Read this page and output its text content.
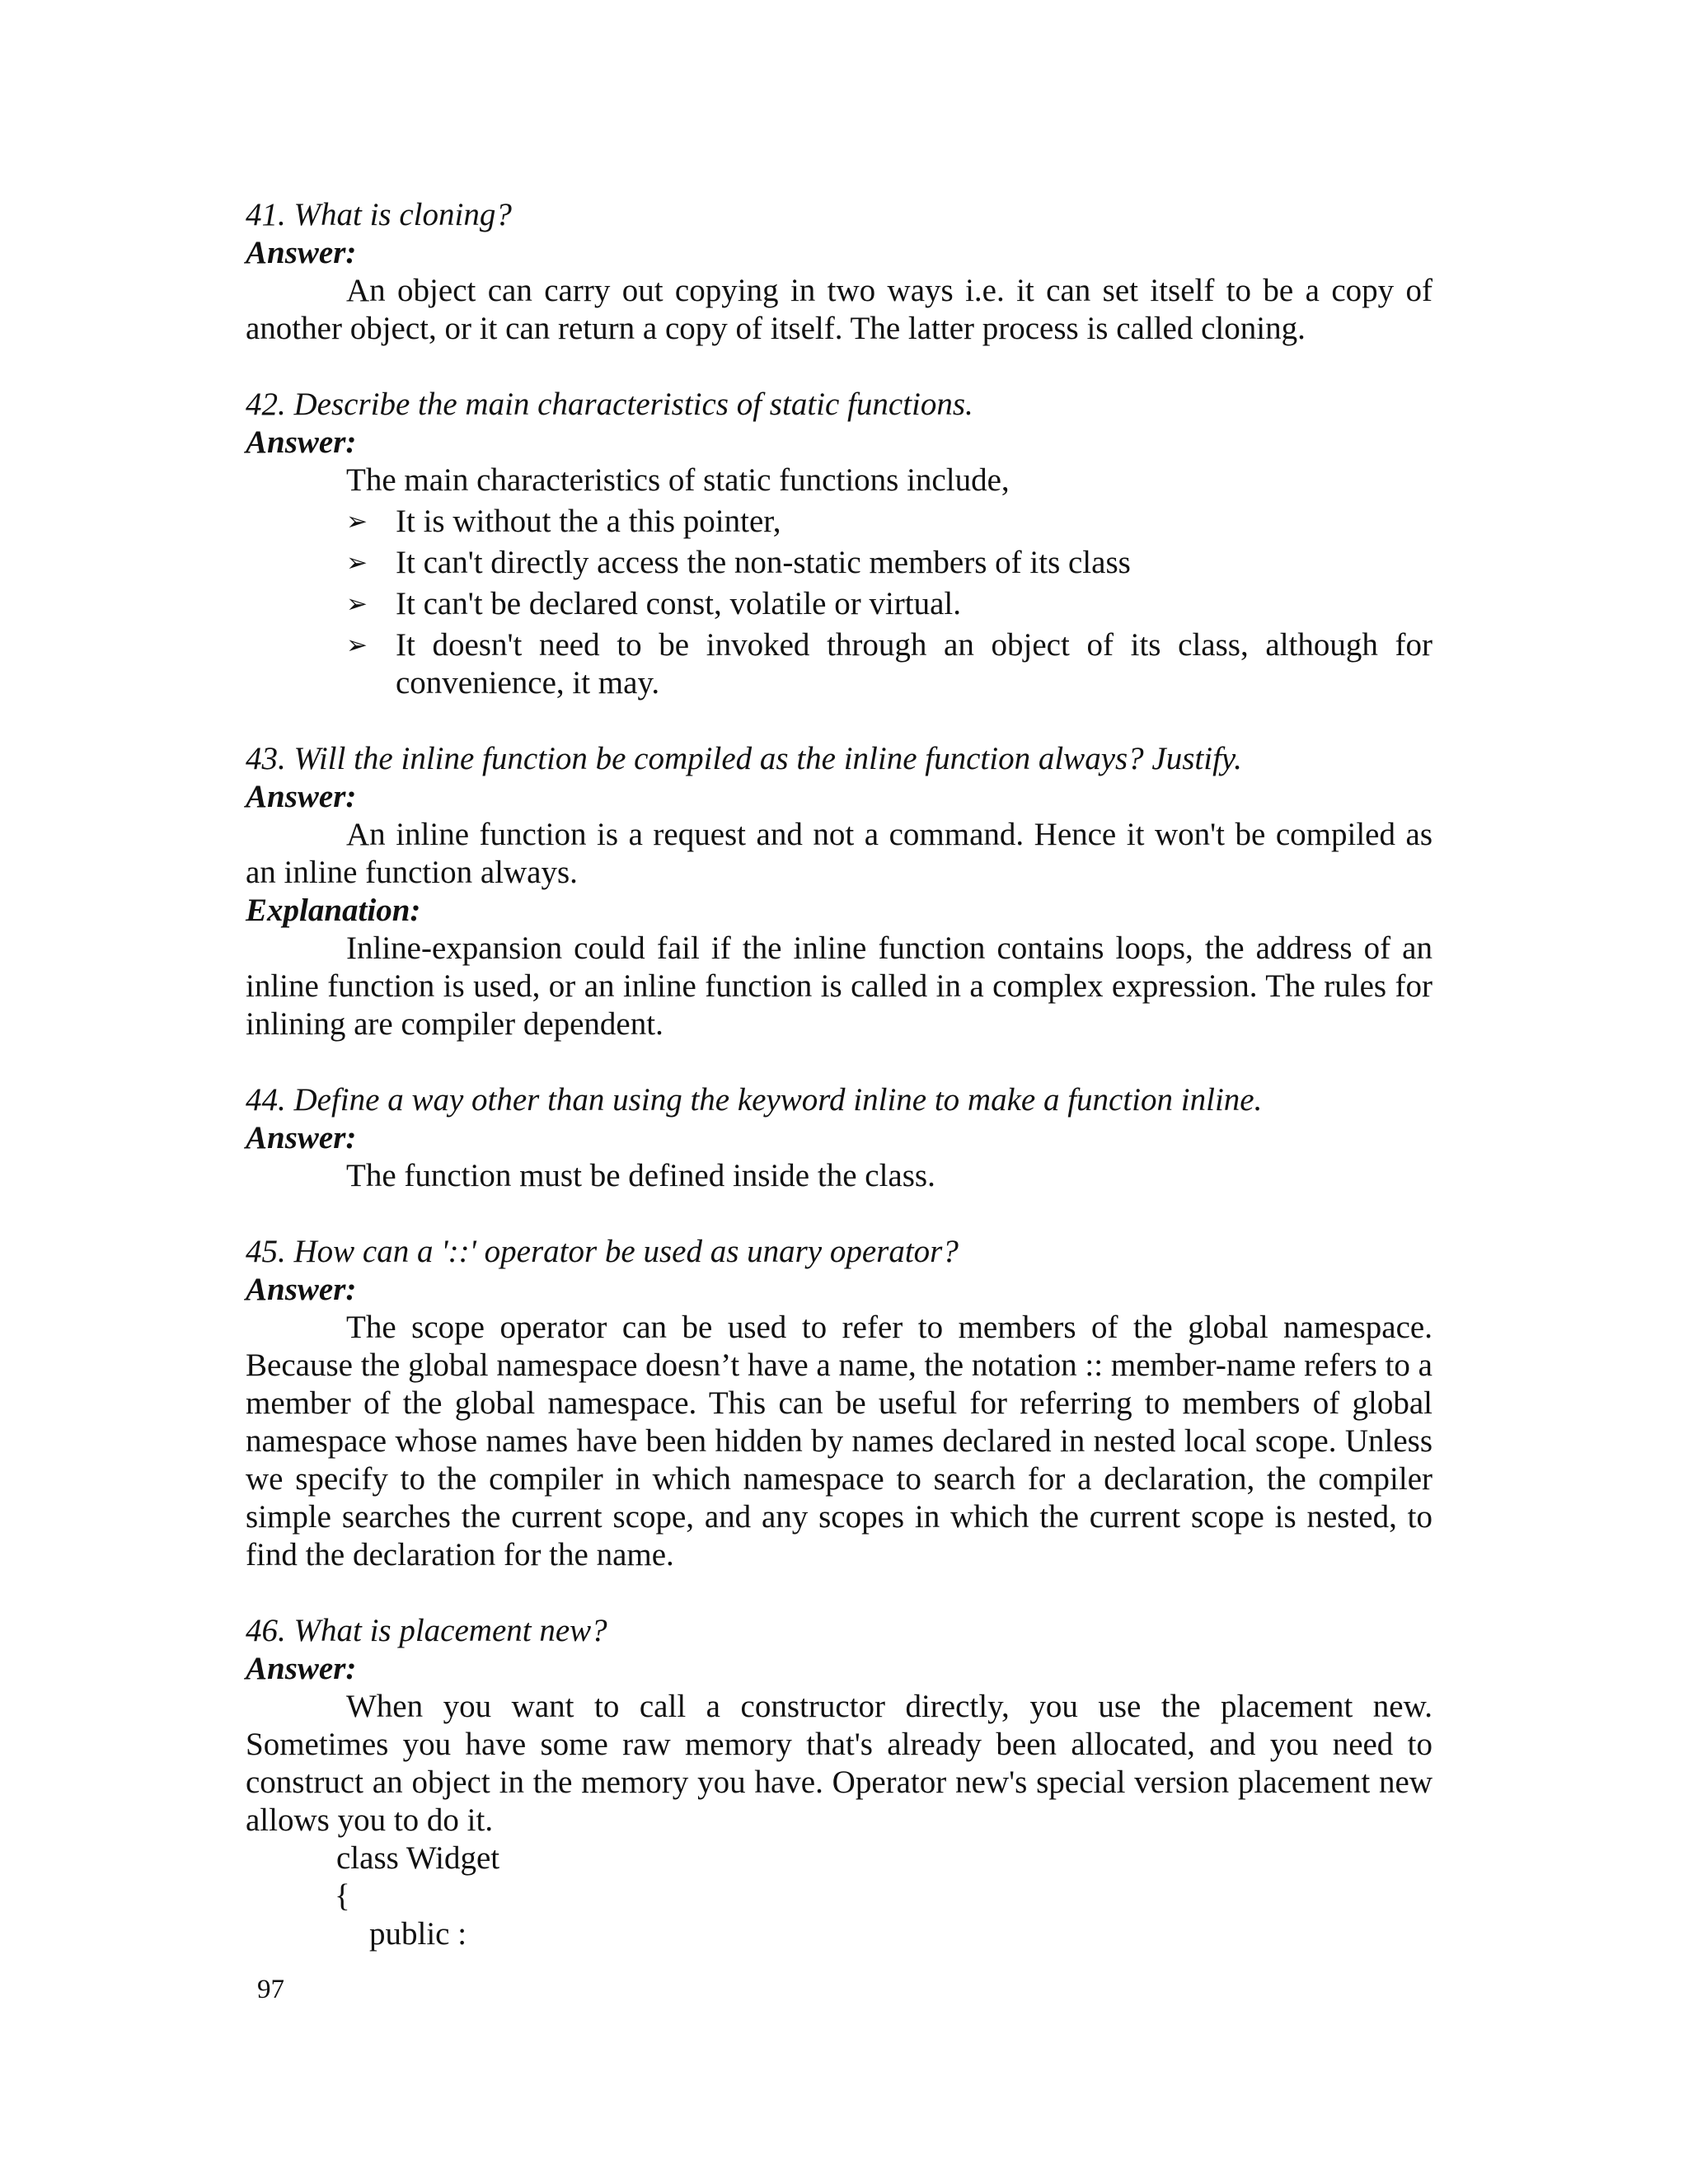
41. What is cloning?
Answer:

An object can carry out copying in two ways i.e. it can set itself to be a copy of another object, or it can return a copy of itself. The latter process is called cloning.

42. Describe the main characteristics of static functions.
Answer:

The main characteristics of static functions include,

➢ It is without the a this pointer,
➢ It can't directly access the non-static members of its class
➢ It can't be declared const, volatile or virtual.
➢ It doesn't need to be invoked through an object of its class, although for convenience, it may.
43. Will the inline function be compiled as the inline function always? Justify.
Answer:

An inline function is a request and not a command. Hence it won't be compiled as an inline function always.

Explanation:

Inline-expansion could fail if the inline function contains loops, the address of an inline function is used, or an inline function is called in a complex expression. The rules for inlining are compiler dependent.

44. Define a way other than using the keyword inline to make a function inline.
Answer:

The function must be defined inside the class.

45. How can a '::' operator be used as unary operator?
Answer:

The scope operator can be used to refer to members of the global namespace. Because the global namespace doesn’t have a name, the notation :: member-name refers to a member of the global namespace. This can be useful for referring to members of global namespace whose names have been hidden by names declared in nested local scope. Unless we specify to the compiler in which namespace to search for a declaration, the compiler simple searches the current scope, and any scopes in which the current scope is nested, to find the declaration for the name.

46. What is placement new?
Answer:

When you want to call a constructor directly, you use the placement new. Sometimes you have some raw memory that's already been allocated, and you need to construct an object in the memory you have. Operator new's special version placement new allows you to do it.

class Widget
{
public :
97
